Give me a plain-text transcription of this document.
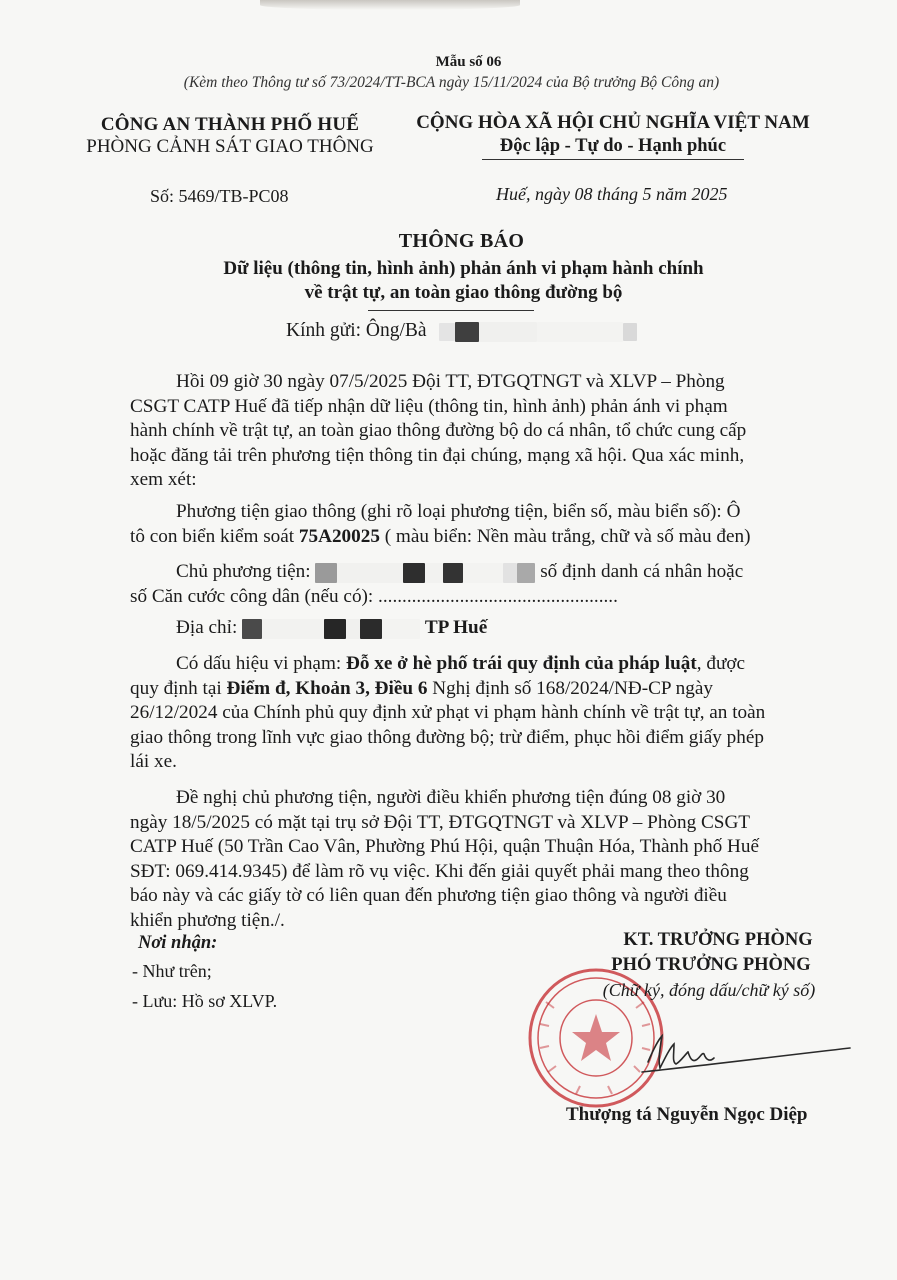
Mẫu số 06
(Kèm theo Thông tư số 73/2024/TT-BCA ngày 15/11/2024 của Bộ trưởng Bộ Công an)
CÔNG AN THÀNH PHỐ HUẾ
PHÒNG CẢNH SÁT GIAO THÔNG
CỘNG HÒA XÃ HỘI CHỦ NGHĨA VIỆT NAM
Độc lập - Tự do - Hạnh phúc
Số: 5469/TB-PC08	Huế, ngày 08 tháng 5 năm 2025
THÔNG BÁO
Dữ liệu (thông tin, hình ảnh) phản ánh vi phạm hành chính
về trật tự, an toàn giao thông đường bộ
Kính gửi: Ông/Bà
Hồi 09 giờ 30 ngày 07/5/2025 Đội TT, ĐTGQTNGT và XLVP – Phòng
CSGT CATP Huế đã tiếp nhận dữ liệu (thông tin, hình ảnh) phản ánh vi phạm
hành chính về trật tự, an toàn giao thông đường bộ do cá nhân, tổ chức cung cấp
hoặc đăng tải trên phương tiện thông tin đại chúng, mạng xã hội. Qua xác minh,
xem xét:
Phương tiện giao thông (ghi rõ loại phương tiện, biển số, màu biển số): Ô
tô con biển kiểm soát 75A20025 ( màu biển: Nền màu trắng, chữ và số màu đen)
Chủ phương tiện:	số định danh cá nhân hoặc
số Căn cước công dân (nếu có): ..................................................
Địa chỉ:	TP Huế
Có dấu hiệu vi phạm: Đỗ xe ở hè phố trái quy định của pháp luật, được
quy định tại Điểm đ, Khoản 3, Điều 6 Nghị định số 168/2024/NĐ-CP ngày
26/12/2024 của Chính phủ quy định xử phạt vi phạm hành chính về trật tự, an toàn
giao thông trong lĩnh vực giao thông đường bộ; trừ điểm, phục hồi điểm giấy phép
lái xe.
Đề nghị chủ phương tiện, người điều khiển phương tiện đúng 08 giờ 30
ngày 18/5/2025 có mặt tại trụ sở Đội TT, ĐTGQTNGT và XLVP – Phòng CSGT
CATP Huế (50 Trần Cao Vân, Phường Phú Hội, quận Thuận Hóa, Thành phố Huế
SĐT: 069.414.9345) để làm rõ vụ việc. Khi đến giải quyết phải mang theo thông
báo này và các giấy tờ có liên quan đến phương tiện giao thông và người điều
khiển phương tiện./.
Nơi nhận:
- Như trên;
- Lưu: Hồ sơ XLVP.
KT. TRƯỞNG PHÒNG
PHÓ TRƯỞNG PHÒNG
(Chữ ký, đóng dấu/chữ ký số)
Thượng tá Nguyễn Ngọc Diệp
